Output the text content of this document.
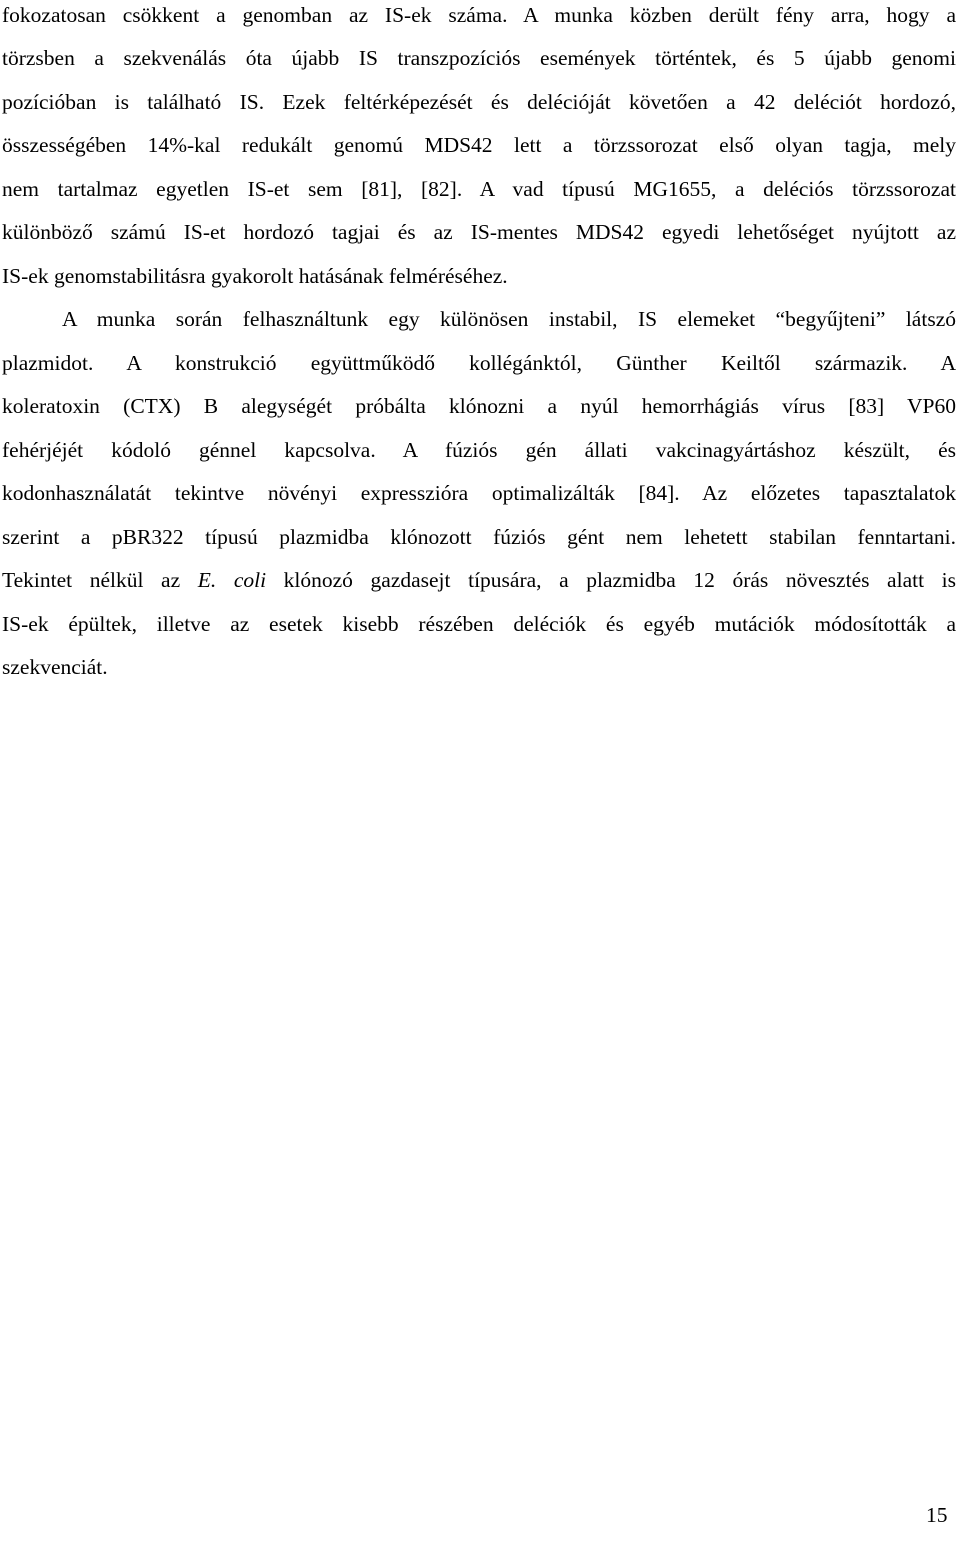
fokozatosan csökkent a genomban az IS-ek száma. A munka közben derült fény arra, hogy a
törzsben a szekvenálás óta újabb IS transzpozíciós események történtek, és 5 újabb genomi
pozícióban is található IS. Ezek feltérképezését és delécióját követően a 42 deléciót hordozó,
összességében 14%-kal redukált genomú MDS42 lett a törzssorozat első olyan tagja, mely
nem tartalmaz egyetlen IS-et sem [81], [82]. A vad típusú MG1655, a deléciós törzssorozat
különböző számú IS-et hordozó tagjai és az IS-mentes MDS42 egyedi lehetőséget nyújtott az
IS-ek genomstabilitásra gyakorolt hatásának felméréséhez.
A munka során felhasználtunk egy különösen instabil, IS elemeket “begyűjteni” látszó
plazmidot. A konstrukció együttműködő kollégánktól, Günther Keiltől származik. A
koleratoxin (CTX) B alegységét próbálta klónozni a nyúl hemorrhágiás vírus [83] VP60
fehérjéjét kódoló génnel kapcsolva. A fúziós gén állati vakcinagyártáshoz készült, és
kodonhasználatát tekintve növényi expresszióra optimalizálták [84]. Az előzetes tapasztalatok
szerint a pBR322 típusú plazmidba klónozott fúziós gént nem lehetett stabilan fenntartani.
Tekintet nélkül az E. coli klónozó gazdasejt típusára, a plazmidba 12 órás növesztés alatt is
IS-ek épültek, illetve az esetek kisebb részében deléciók és egyéb mutációk módosították a
szekvenciát.
15
